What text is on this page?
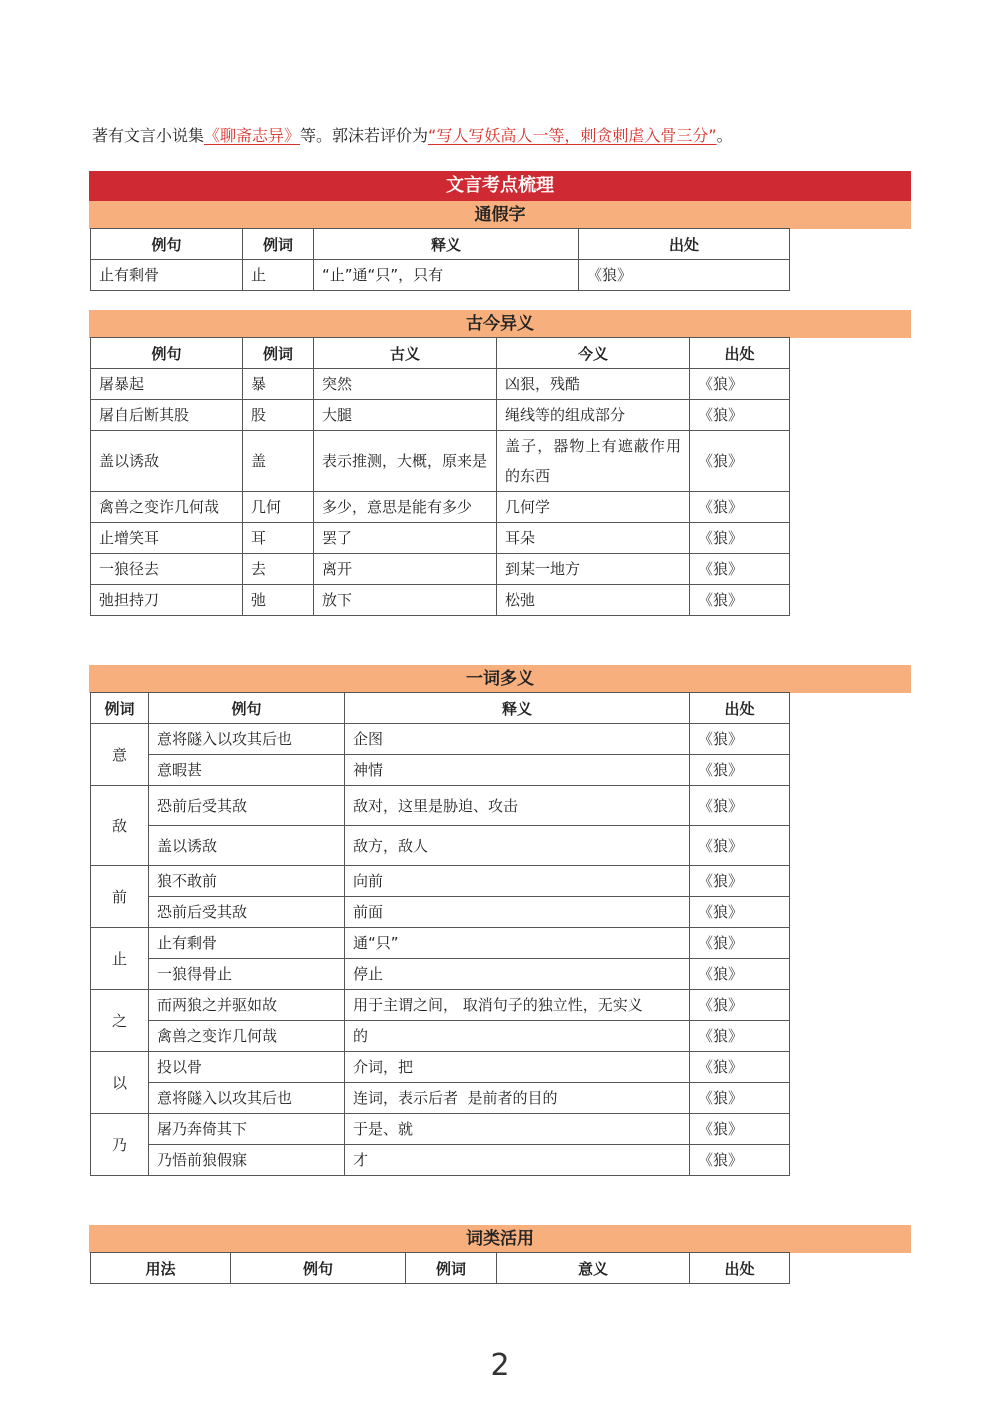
著有文言小说集《聊斋志异》等。郭沫若评价为“写人写妖高人一等，刺贪刺虐入骨三分”。
文言考点梳理
通假字
例句	例词	释义	出处
止有剩骨	止	“止”通“只”，只有	《狼》
古今异义
例句	例词	古义	今义	出处
屠暴起	暴	突然	凶狠，残酷	《狼》
屠自后断其股	股	大腿	绳线等的组成部分	《狼》
盖以诱敌	盖	表示推测，大概，原来是	盖子，器物上有遮蔽作用的东西	《狼》
禽兽之变诈几何哉	几何	多少，意思是能有多少	几何学	《狼》
止增笑耳	耳	罢了	耳朵	《狼》
一狼径去	去	离开	到某一地方	《狼》
弛担持刀	弛	放下	松弛	《狼》
一词多义
例词	例句	释义	出处
意	意将隧入以攻其后也	企图	《狼》
	意暇甚	神情	《狼》
敌	恐前后受其敌	敌对，这里是胁迫、攻击	《狼》
	盖以诱敌	敌方，敌人	《狼》
前	狼不敢前	向前	《狼》
	恐前后受其敌	前面	《狼》
止	止有剩骨	通“只”	《狼》
	一狼得骨止	停止	《狼》
之	而两狼之并驱如故	用于主谓之间， 取消句子的独立性，无实义	《狼》
	禽兽之变诈几何哉	的	《狼》
以	投以骨	介词，把	《狼》
	意将隧入以攻其后也	连词，表示后者  是前者的目的	《狼》
乃	屠乃奔倚其下	于是、就	《狼》
	乃悟前狼假寐	才	《狼》
词类活用
用法	例句	例词	意义	出处
2
